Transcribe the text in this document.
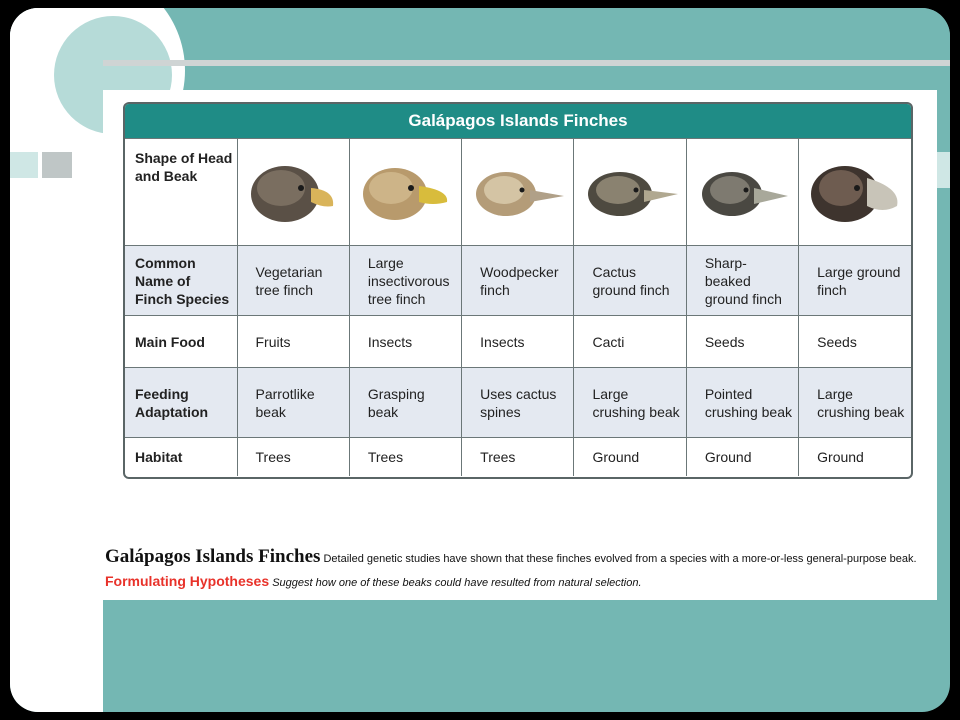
Galápagos Islands Finches
Shape of Head and Beak						
Common Name of Finch Species	Vegetarian tree finch	Large insectivorous tree finch	Woodpecker finch	Cactus ground finch	Sharp-beaked ground finch	Large ground finch
Main Food	Fruits	Insects	Insects	Cacti	Seeds	Seeds
Feeding Adaptation	Parrotlike beak	Grasping beak	Uses cactus spines	Large crushing beak	Pointed crushing beak	Large crushing beak
Habitat	Trees	Trees	Trees	Ground	Ground	Ground
Galápagos Islands Finches Detailed genetic studies have shown that these finches evolved from a species with a more-or-less general-purpose beak. Formulating Hypotheses Suggest how one of these beaks could have resulted from natural selection.
